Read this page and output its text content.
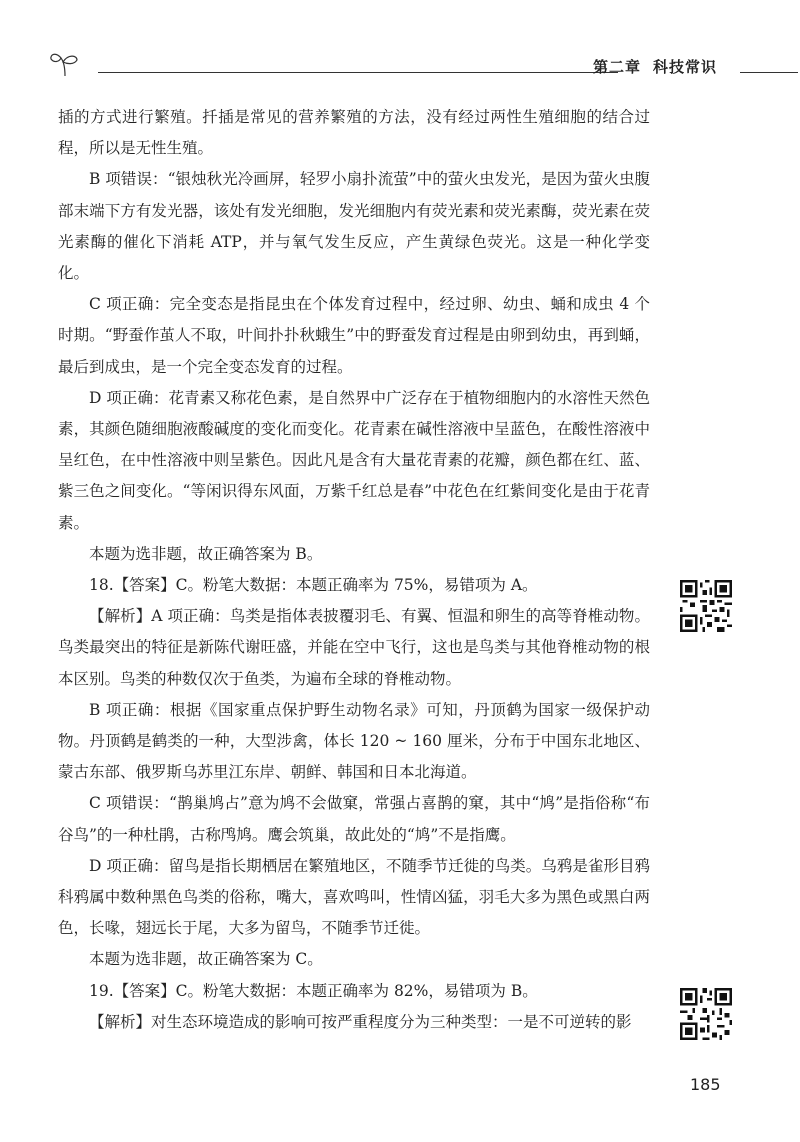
第二章 科技常识

插的方式进行繁殖。扦插是常见的营养繁殖的方法，没有经过两性生殖细胞的结合过程，所以是无性生殖。

B 项错误：“银烛秋光冷画屏，轻罗小扇扑流萤”中的萤火虫发光，是因为萤火虫腹部末端下方有发光器，该处有发光细胞，发光细胞内有荧光素和荧光素酶，荧光素在荧光素酶的催化下消耗 ATP，并与氧气发生反应，产生黄绿色荧光。这是一种化学变化。

C 项正确：完全变态是指昆虫在个体发育过程中，经过卵、幼虫、蛹和成虫 4 个时期。“野蚕作茧人不取，叶间扑扑秋蛾生”中的野蚕发育过程是由卵到幼虫，再到蛹，最后到成虫，是一个完全变态发育的过程。

D 项正确：花青素又称花色素，是自然界中广泛存在于植物细胞内的水溶性天然色素，其颜色随细胞液酸碱度的变化而变化。花青素在碱性溶液中呈蓝色，在酸性溶液中呈红色，在中性溶液中则呈紫色。因此凡是含有大量花青素的花瓣，颜色都在红、蓝、紫三色之间变化。“等闲识得东风面，万紫千红总是春”中花色在红紫间变化是由于花青素。

本题为选非题，故正确答案为 B。

18.【答案】C。粉笔大数据：本题正确率为 75%，易错项为 A。

【解析】A 项正确：鸟类是指体表披覆羽毛、有翼、恒温和卵生的高等脊椎动物。鸟类最突出的特征是新陈代谢旺盛，并能在空中飞行，这也是鸟类与其他脊椎动物的根本区别。鸟类的种数仅次于鱼类，为遍布全球的脊椎动物。

B 项正确：根据《国家重点保护野生动物名录》可知，丹顶鹤为国家一级保护动物。丹顶鹤是鹤类的一种，大型涉禽，体长 120 ~ 160 厘米，分布于中国东北地区、蒙古东部、俄罗斯乌苏里江东岸、朝鲜、韩国和日本北海道。

C 项错误：“鹊巢鸠占”意为鸠不会做窠，常强占喜鹊的窠，其中“鸠”是指俗称“布谷鸟”的一种杜鹃，古称鸤鸠。鹰会筑巢，故此处的“鸠”不是指鹰。

D 项正确：留鸟是指长期栖居在繁殖地区，不随季节迁徙的鸟类。乌鸦是雀形目鸦科鸦属中数种黑色鸟类的俗称，嘴大，喜欢鸣叫，性情凶猛，羽毛大多为黑色或黑白两色，长喙，翅远长于尾，大多为留鸟，不随季节迁徙。

本题为选非题，故正确答案为 C。

19.【答案】C。粉笔大数据：本题正确率为 82%，易错项为 B。

【解析】对生态环境造成的影响可按严重程度分为三种类型：一是不可逆转的影

185
